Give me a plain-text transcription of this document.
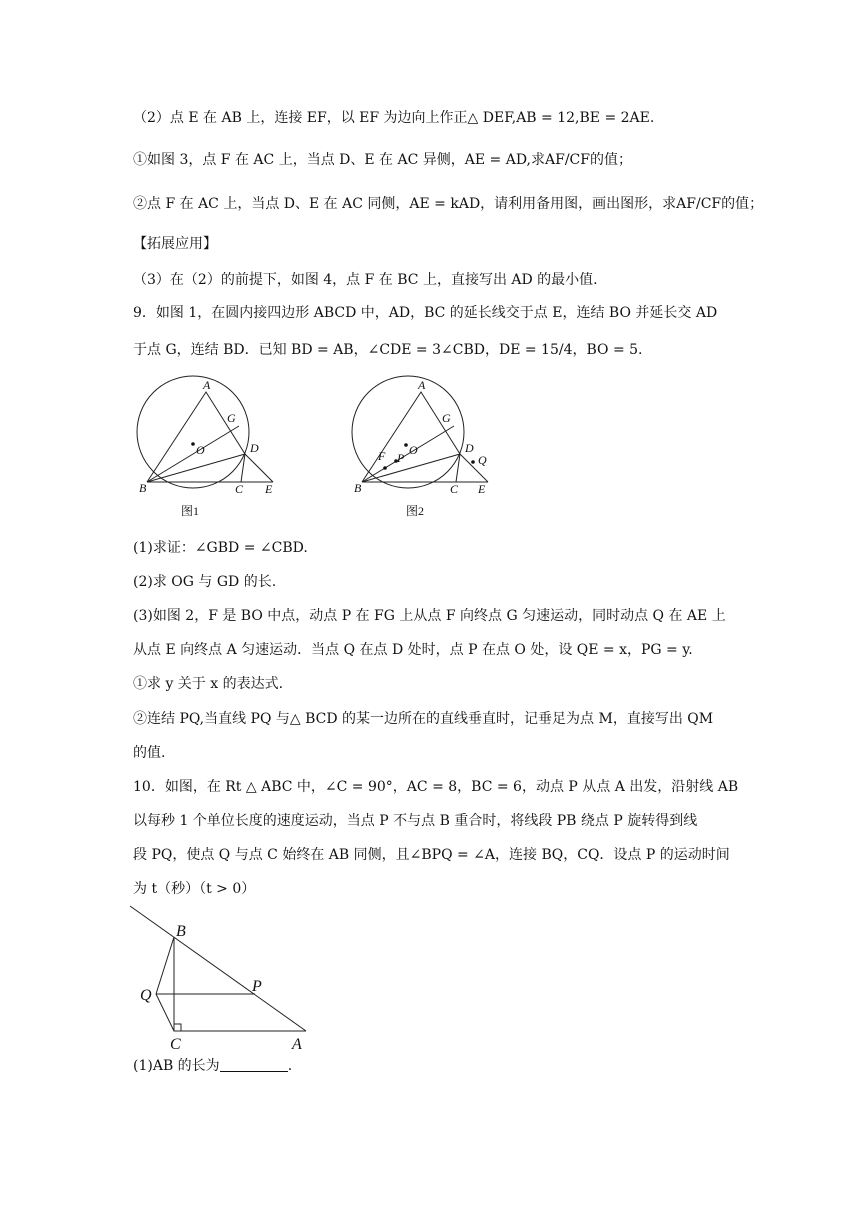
（2）点 E 在 AB 上，连接 EF，以 EF 为边向上作正△ DEF,AB = 12,BE = 2AE.
①如图 3，点 F 在 AC 上，当点 D、E 在 AC 异侧，AE = AD,求AF/CF的值；
②点 F 在 AC 上，当点 D、E 在 AC 同侧，AE = kAD，请利用备用图，画出图形，求AF/CF的值；
【拓展应用】
（3）在（2）的前提下，如图 4，点 F 在 BC 上，直接写出 AD 的最小值.
9．如图 1，在圆内接四边形 ABCD 中，AD，BC 的延长线交于点 E，连结 BO 并延长交 AD
于点 G，连结 BD．已知 BD = AB，∠CDE = 3∠CBD，DE = 15/4，BO = 5.
A
G
O	D
B	C E
图1
A
G
F P
O	D
Q
B	C E
图2
(1)求证：∠GBD = ∠CBD.
(2)求 OG 与 GD 的长.
(3)如图 2，F 是 BO 中点，动点 P 在 FG 上从点 F 向终点 G 匀速运动，同时动点 Q 在 AE 上
从点 E 向终点 A 匀速运动．当点 Q 在点 D 处时，点 P 在点 O 处，设 QE = x，PG = y.
①求 y 关于 x 的表达式.
②连结 PQ,当直线 PQ 与△ BCD 的某一边所在的直线垂直时，记垂足为点 M，直接写出 QM
的值.
10．如图，在 Rt △ ABC 中，∠C = 90°，AC = 8，BC = 6，动点 P 从点 A 出发，沿射线 AB
以每秒 1 个单位长度的速度运动，当点 P 不与点 B 重合时，将线段 PB 绕点 P 旋转得到线
段 PQ，使点 Q 与点 C 始终在 AB 同侧，且∠BPQ = ∠A，连接 BQ，CQ．设点 P 的运动时间
为 t（秒）（t > 0）
B
Q
P
C	A
(1)AB 的长为	.
